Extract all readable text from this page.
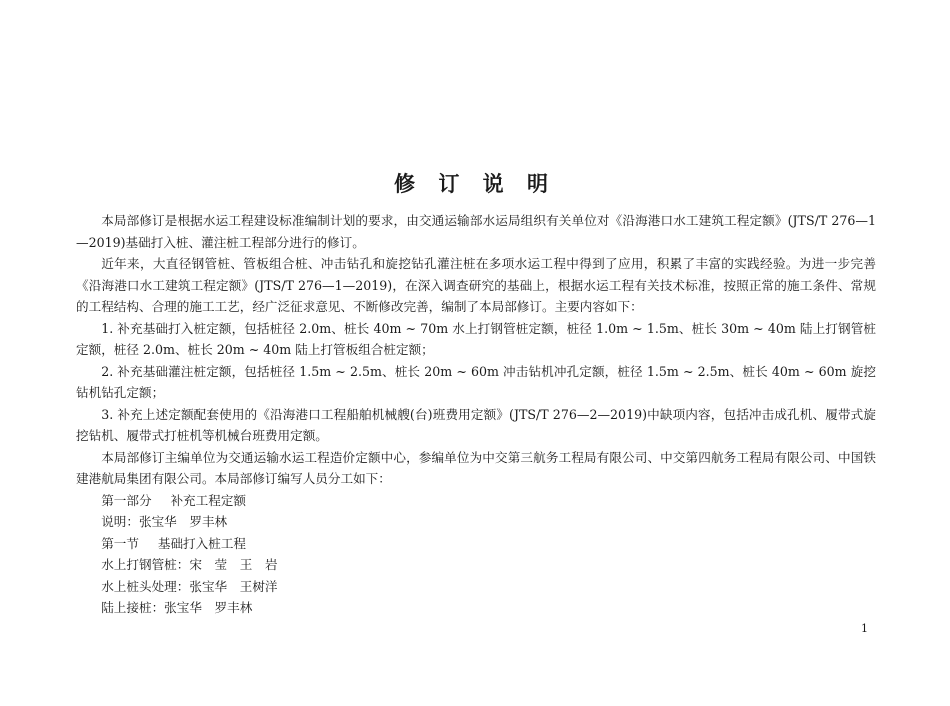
修 订 说 明

本局部修订是根据水运工程建设标准编制计划的要求，由交通运输部水运局组织有关单位对《沿海港口水工建筑工程定额》(JTS/T 276—1—2019)基础打入桩、灌注桩工程部分进行的修订。

近年来，大直径钢管桩、管板组合桩、冲击钻孔和旋挖钻孔灌注桩在多项水运工程中得到了应用，积累了丰富的实践经验。为进一步完善《沿海港口水工建筑工程定额》(JTS/T 276—1—2019)，在深入调查研究的基础上，根据水运工程有关技术标准，按照正常的施工条件、常规的工程结构、合理的施工工艺，经广泛征求意见、不断修改完善，编制了本局部修订。主要内容如下：

1. 补充基础打入桩定额，包括桩径 2.0m、桩长 40m ~ 70m 水上打钢管桩定额，桩径 1.0m ~ 1.5m、桩长 30m ~ 40m 陆上打钢管桩定额，桩径 2.0m、桩长 20m ~ 40m 陆上打管板组合桩定额；

2. 补充基础灌注桩定额，包括桩径 1.5m ~ 2.5m、桩长 20m ~ 60m 冲击钻机冲孔定额，桩径 1.5m ~ 2.5m、桩长 40m ~ 60m 旋挖钻机钻孔定额；

3. 补充上述定额配套使用的《沿海港口工程船舶机械艘(台)班费用定额》(JTS/T 276—2—2019)中缺项内容，包括冲击成孔机、履带式旋挖钻机、履带式打桩机等机械台班费用定额。

本局部修订主编单位为交通运输水运工程造价定额中心，参编单位为中交第三航务工程局有限公司、中交第四航务工程局有限公司、中国铁建港航局集团有限公司。本局部修订编写人员分工如下：

第一部分 补充工程定额

说明：张宝华　罗丰林

第一节 基础打入桩工程

水上打钢管桩：宋　莹　王　岩

水上桩头处理：张宝华　王树洋

陆上接桩：张宝华　罗丰林

1
